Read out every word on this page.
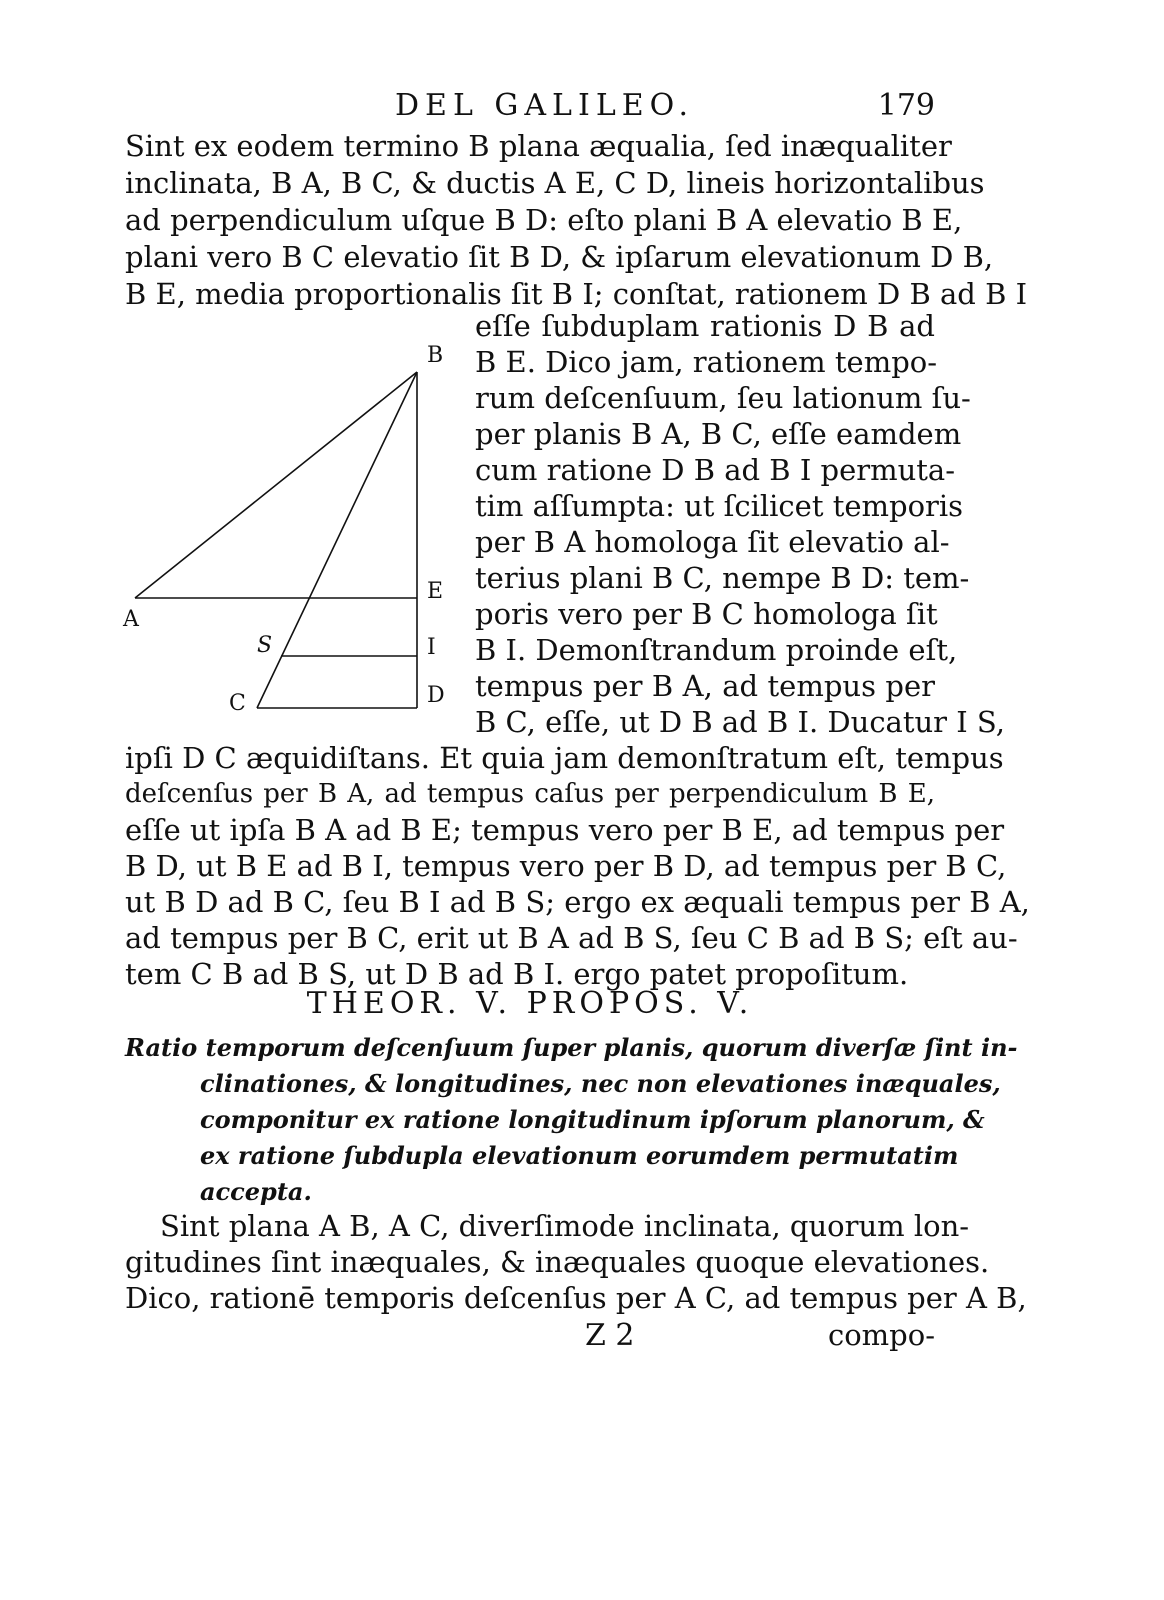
DEL GALILEO.	179
Sint ex eodem termino B plana æqualia, ſed inæqualiter
inclinata, B A, B C, & ductis A E, C D, lineis horizontalibus
ad perpendiculum uſque B D: eſto plani B A elevatio B E,
plani vero B C elevatio ſit B D, & ipſarum elevationum D B,
B E, media proportionalis ſit B I; conſtat, rationem D B ad B I
eſſe ſubduplam rationis D B ad
B E. Dico jam, rationem tempo-
rum deſcenſuum, ſeu lationum ſu-
per planis B A, B C, eſſe eamdem
cum ratione D B ad B I permuta-
tim aſſumpta: ut ſcilicet temporis
per B A homologa ſit elevatio al-
terius plani B C, nempe B D: tem-
poris vero per B C homologa ſit
B I. Demonſtrandum proinde eſt,
tempus per B A, ad tempus per
B C, eſſe, ut D B ad B I. Ducatur I S,
B
A
E
I
D
S
C
ipſi D C æquidiſtans. Et quia jam demonſtratum eſt, tempus
deſcenſus per B A, ad tempus caſus per perpendiculum B E,
eſſe ut ipſa B A ad B E; tempus vero per B E, ad tempus per
B D, ut B E ad B I, tempus vero per B D, ad tempus per B C,
ut B D ad B C, ſeu B I ad B S; ergo ex æquali tempus per B A,
ad tempus per B C, erit ut B A ad B S, ſeu C B ad B S; eſt au-
tem C B ad B S, ut D B ad B I. ergo patet propoſitum.
THEOR. V. PROPOS. V.
Ratio temporum deſcenſuum ſuper planis, quorum diverſæ ſint in-
clinationes, & longitudines, nec non elevationes inæquales,
componitur ex ratione longitudinum ipſorum planorum, &
ex ratione ſubdupla elevationum eorumdem permutatim
accepta.
Sint plana A B, A C, diverſimode inclinata, quorum lon-
gitudines ſint inæquales, & inæquales quoque elevationes.
Dico, rationē temporis deſcenſus per A C, ad tempus per A B,
Z 2	compo-
